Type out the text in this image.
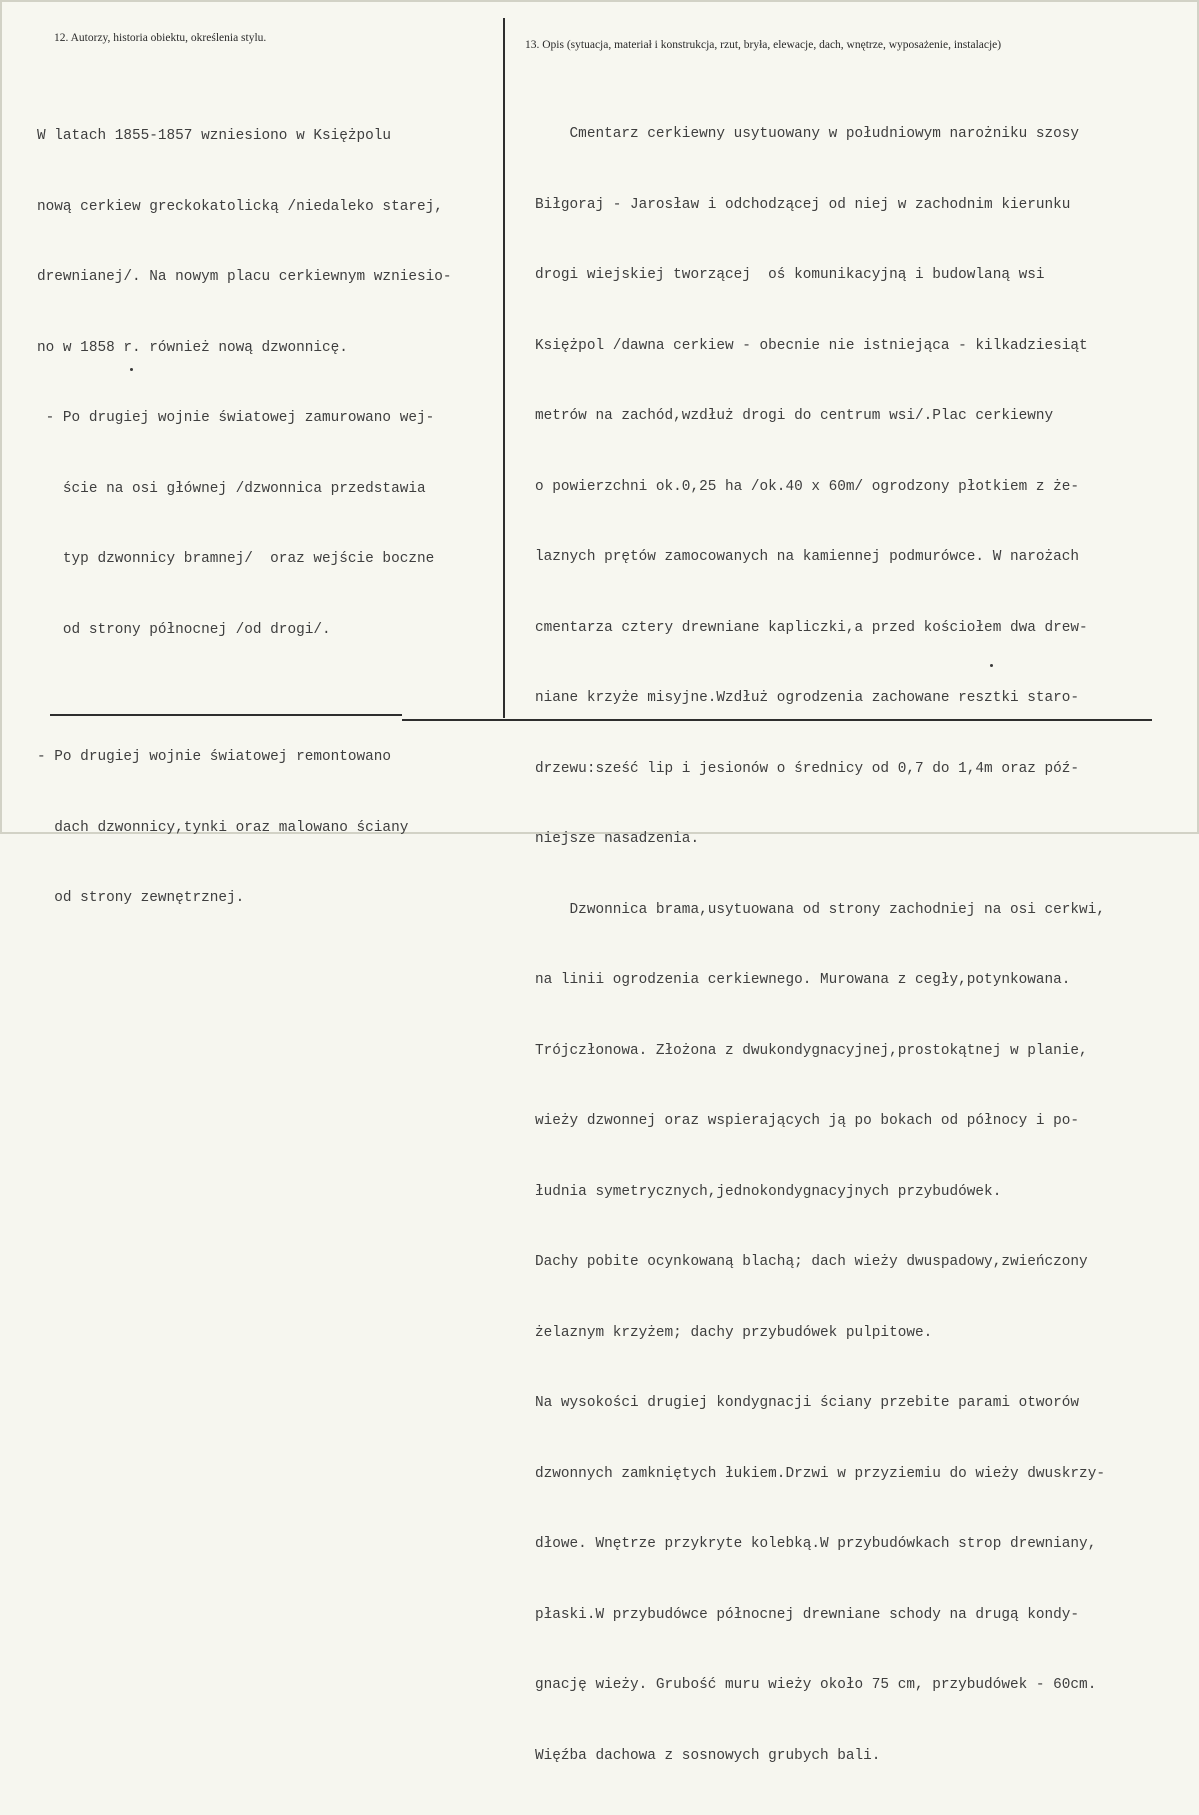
12. Autorzy, historia obiektu, określenia stylu.
13. Opis (sytuacja, materiał i konstrukcja, rzut, bryła, elewacje, dach, wnętrze, wyposażenie, instalacje)

W latach 1855-1857 wzniesiono w Księżpolu

nową cerkiew greckokatolicką /niedaleko starej,

drewnianej/. Na nowym placu cerkiewnym wzniesio-

no w 1858 r. również nową dzwonnicę.

- Po drugiej wojnie światowej zamurowano wej-

ście na osi głównej /dzwonnica przedstawia

typ dzwonnicy bramnej/  oraz wejście boczne

od strony północnej /od drogi/.

- Po drugiej wojnie światowej remontowano

dach dzwonnicy,tynki oraz malowano ściany

od strony zewnętrznej.

Cmentarz cerkiewny usytuowany w południowym narożniku szosy

Biłgoraj - Jarosław i odchodzącej od niej w zachodnim kierunku

drogi wiejskiej tworzącej  oś komunikacyjną i budowlaną wsi

Księżpol /dawna cerkiew - obecnie nie istniejąca - kilkadziesiąt

metrów na zachód,wzdłuż drogi do centrum wsi/.Plac cerkiewny

o powierzchni ok.0,25 ha /ok.40 x 60m/ ogrodzony płotkiem z że-

laznych prętów zamocowanych na kamiennej podmurówce. W narożach

cmentarza cztery drewniane kapliczki,a przed kościołem dwa drew-

niane krzyże misyjne.Wzdłuż ogrodzenia zachowane resztki staro-

drzewu:sześć lip i jesionów o średnicy od 0,7 do 1,4m oraz póź-

niejsze nasadzenia.

Dzwonnica brama,usytuowana od strony zachodniej na osi cerkwi,

na linii ogrodzenia cerkiewnego. Murowana z cegły,potynkowana.

Trójczłonowa. Złożona z dwukondygnacyjnej,prostokątnej w planie,

wieży dzwonnej oraz wspierających ją po bokach od północy i po-

łudnia symetrycznych,jednokondygnacyjnych przybudówek.

Dachy pobite ocynkowaną blachą; dach wieży dwuspadowy,zwieńczony

żelaznym krzyżem; dachy przybudówek pulpitowe.

Na wysokości drugiej kondygnacji ściany przebite parami otworów

dzwonnych zamkniętych łukiem.Drzwi w przyziemiu do wieży dwuskrzy-

dłowe. Wnętrze przykryte kolebką.W przybudówkach strop drewniany,

płaski.W przybudówce północnej drewniane schody na drugą kondy-

gnację wieży. Grubość muru wieży około 75 cm, przybudówek - 60cm.

Więźba dachowa z sosnowych grubych bali.
